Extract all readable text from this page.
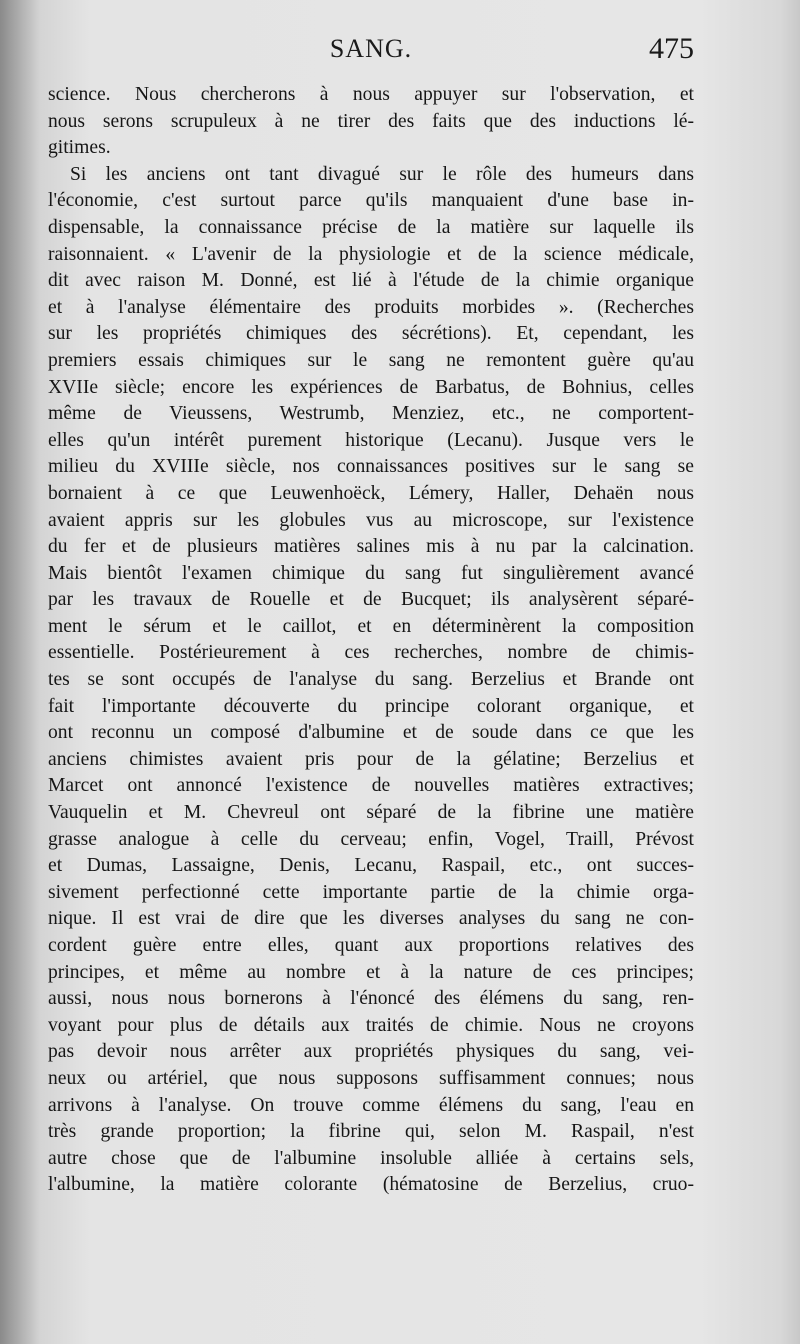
SANG.	475
science. Nous chercherons à nous appuyer sur l'observation, et
nous serons scrupuleux à ne tirer des faits que des inductions lé-
gitimes.
Si les anciens ont tant divagué sur le rôle des humeurs dans
l'économie, c'est surtout parce qu'ils manquaient d'une base in-
dispensable, la connaissance précise de la matière sur laquelle ils
raisonnaient. « L'avenir de la physiologie et de la science médicale,
dit avec raison M. Donné, est lié à l'étude de la chimie organique
et à l'analyse élémentaire des produits morbides ». (Recherches
sur les propriétés chimiques des sécrétions). Et, cependant, les
premiers essais chimiques sur le sang ne remontent guère qu'au
XVIIe siècle; encore les expériences de Barbatus, de Bohnius, celles
même de Vieussens, Westrumb, Menziez, etc., ne comportent-
elles qu'un intérêt purement historique (Lecanu). Jusque vers le
milieu du XVIIIe siècle, nos connaissances positives sur le sang se
bornaient à ce que Leuwenhoëck, Lémery, Haller, Dehaën nous
avaient appris sur les globules vus au microscope, sur l'existence
du fer et de plusieurs matières salines mis à nu par la calcination.
Mais bientôt l'examen chimique du sang fut singulièrement avancé
par les travaux de Rouelle et de Bucquet; ils analysèrent séparé-
ment le sérum et le caillot, et en déterminèrent la composition
essentielle. Postérieurement à ces recherches, nombre de chimis-
tes se sont occupés de l'analyse du sang. Berzelius et Brande ont
fait l'importante découverte du principe colorant organique, et
ont reconnu un composé d'albumine et de soude dans ce que les
anciens chimistes avaient pris pour de la gélatine; Berzelius et
Marcet ont annoncé l'existence de nouvelles matières extractives;
Vauquelin et M. Chevreul ont séparé de la fibrine une matière
grasse analogue à celle du cerveau; enfin, Vogel, Traill, Prévost
et Dumas, Lassaigne, Denis, Lecanu, Raspail, etc., ont succes-
sivement perfectionné cette importante partie de la chimie orga-
nique. Il est vrai de dire que les diverses analyses du sang ne con-
cordent guère entre elles, quant aux proportions relatives des
principes, et même au nombre et à la nature de ces principes;
aussi, nous nous bornerons à l'énoncé des élémens du sang, ren-
voyant pour plus de détails aux traités de chimie. Nous ne croyons
pas devoir nous arrêter aux propriétés physiques du sang, vei-
neux ou artériel, que nous supposons suffisamment connues; nous
arrivons à l'analyse. On trouve comme élémens du sang, l'eau en
très grande proportion; la fibrine qui, selon M. Raspail, n'est
autre chose que de l'albumine insoluble alliée à certains sels,
l'albumine, la matière colorante (hématosine de Berzelius, cruo-
